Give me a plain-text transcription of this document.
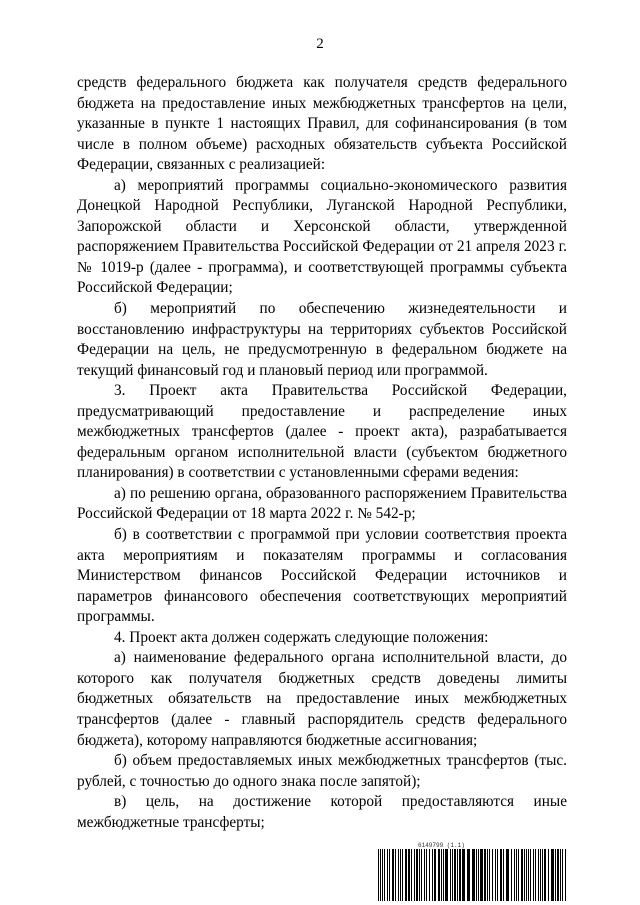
2

средств федерального бюджета как получателя средств федерального бюджета на предоставление иных межбюджетных трансфертов на цели, указанные в пункте 1 настоящих Правил, для софинансирования (в том числе в полном объеме) расходных обязательств субъекта Российской Федерации, связанных с реализацией:

а) мероприятий программы социально-экономического развития Донецкой Народной Республики, Луганской Народной Республики, Запорожской области и Херсонской области, утвержденной распоряжением Правительства Российской Федерации от 21 апреля 2023 г. № 1019-р (далее - программа), и соответствующей программы субъекта Российской Федерации;

б) мероприятий по обеспечению жизнедеятельности и восстановлению инфраструктуры на территориях субъектов Российской Федерации на цель, не предусмотренную в федеральном бюджете на текущий финансовый год и плановый период или программой.

3. Проект акта Правительства Российской Федерации, предусматривающий предоставление и распределение иных межбюджетных трансфертов (далее - проект акта), разрабатывается федеральным органом исполнительной власти (субъектом бюджетного планирования) в соответствии с установленными сферами ведения:

а) по решению органа, образованного распоряжением Правительства Российской Федерации от 18 марта 2022 г. № 542-р;

б) в соответствии с программой при условии соответствия проекта акта мероприятиям и показателям программы и согласования Министерством финансов Российской Федерации источников и параметров финансового обеспечения соответствующих мероприятий программы.

4. Проект акта должен содержать следующие положения:

а) наименование федерального органа исполнительной власти, до которого как получателя бюджетных средств доведены лимиты бюджетных обязательств на предоставление иных межбюджетных трансфертов (далее - главный распорядитель средств федерального бюджета), которому направляются бюджетные ассигнования;

б) объем предоставляемых иных межбюджетных трансфертов (тыс. рублей, с точностью до одного знака после запятой);

в) цель, на достижение которой предоставляются иные межбюджетные трансферты;

6149799 (1.1)
